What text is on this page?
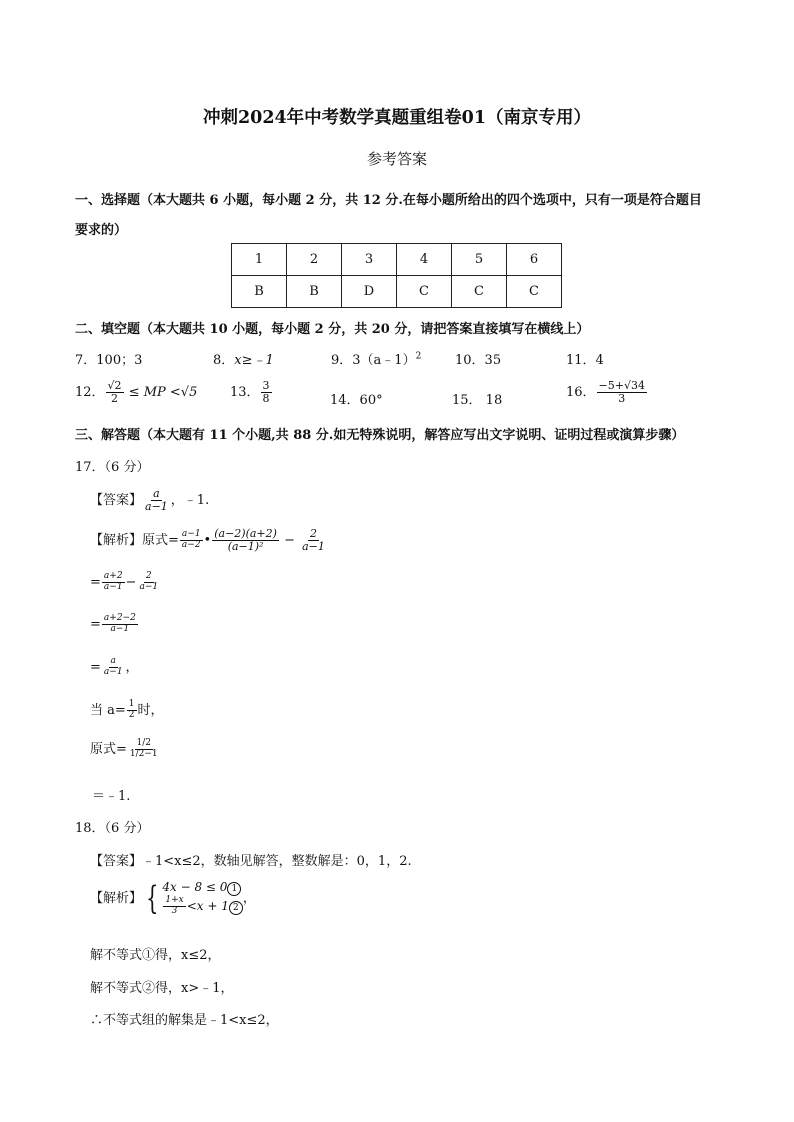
冲刺2024年中考数学真题重组卷01（南京专用）
参考答案
一、选择题（本大题共 6 小题，每小题 2 分，共 12 分.在每小题所给出的四个选项中，只有一项是符合题目
要求的）
1	2	3	4	5	6
B	B	D	C	C	C
二、填空题（本大题共 10 小题，每小题 2 分，共 20 分，请把答案直接填写在横线上）
7．100；3	8．x≥﹣1	9．3（a﹣1）$^2$	10．35	11．4
12． $\frac{√2}{2}$ ≤ MP <√5	13． $\frac{3}{8}$	14．60°	15． 18
16． $\frac{-5+√34}{3}$
三、解答题（本大题有 11 个小题,共 88 分.如无特殊说明，解答应写出文字说明、证明过程或演算步骤）
17．（6 分）
【答案】 $\frac{a}{a-1}$ ，﹣1.
【解析】原式= $\frac{a-1}{a-2}$ • $\frac{(a-2)(a+2)}{\text{(a−1)²}} - \frac{2}{a-1}$
= $\frac{a+2}{a-1} - \frac{2}{a-1}$
= $\frac{a+2-2}{a-1}$
= $\frac{a}{a-1}$ ，
当 $a= \frac{1}{2}$ 时，
原式= $\frac{1/2}{1/2-1}$
＝﹣1.
18．（6 分）
【答案】﹣1<x≤2，数轴见解答，整数解是：0，1，2.
【解析】 { 4x − 8 ≤ 0 1
$\frac{1+x}{3} <x + 1$ 2
，
解不等式①得，x≤2，
解不等式②得，x>﹣1，
∴不等式组的解集是﹣1<x≤2，
